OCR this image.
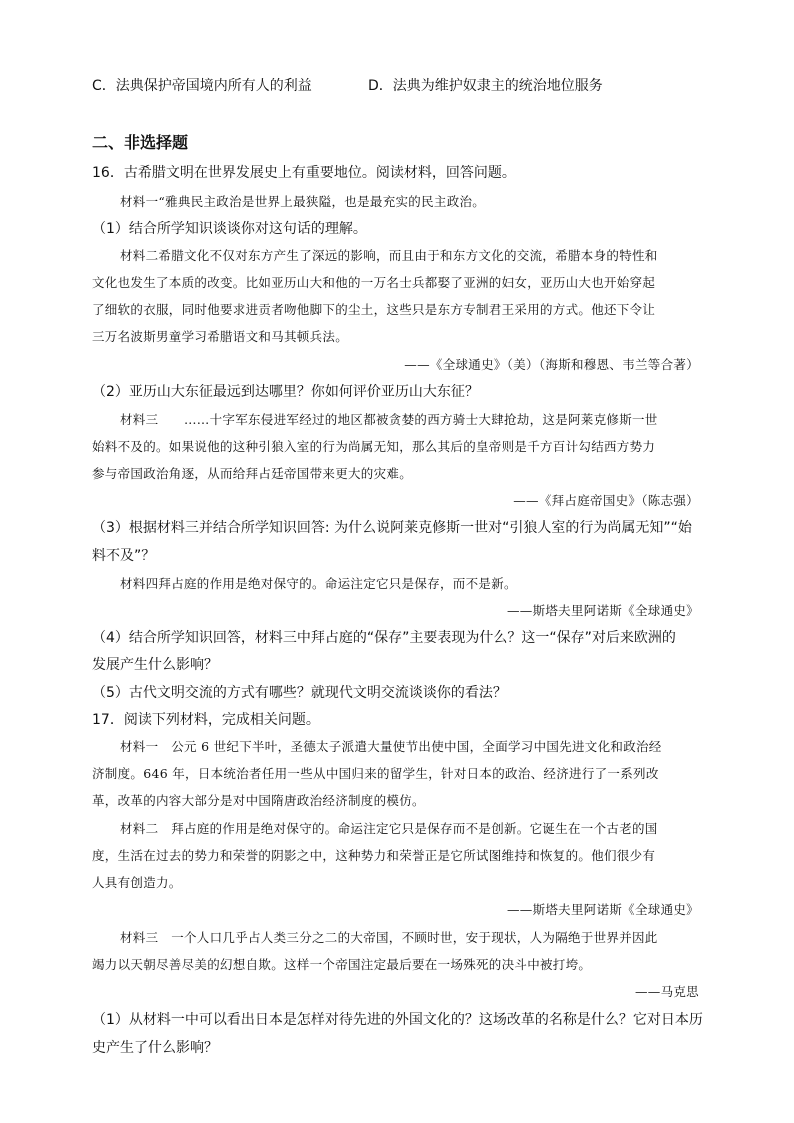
C．法典保护帝国境内所有人的利益	D．法典为维护奴隶主的统治地位服务
二、非选择题
16．古希腊文明在世界发展史上有重要地位。阅读材料，回答问题。
材料一“雅典民主政治是世界上最狭隘，也是最充实的民主政治。
（1）结合所学知识谈谈你对这句话的理解。
材料二希腊文化不仅对东方产生了深远的影响，而且由于和东方文化的交流，希腊本身的特性和
文化也发生了本质的改变。比如亚历山大和他的一万名士兵都娶了亚洲的妇女，亚历山大也开始穿起
了细软的衣服，同时他要求进贡者吻他脚下的尘土，这些只是东方专制君王采用的方式。他还下令让
三万名波斯男童学习希腊语文和马其顿兵法。
——《全球通史》（美）（海斯和穆恩、韦兰等合著）
（2）亚历山大东征最远到达哪里？你如何评价亚历山大东征？
材料三　　……十字军东侵进军经过的地区都被贪婪的西方骑士大肆抢劫，这是阿莱克修斯一世
始料不及的。如果说他的这种引狼入室的行为尚属无知，那么其后的皇帝则是千方百计勾结西方势力
参与帝国政治角逐，从而给拜占廷帝国带来更大的灾难。
——《拜占庭帝国史》（陈志强）
（3）根据材料三并结合所学知识回答: 为什么说阿莱克修斯一世对“引狼人室的行为尚属无知”“始
料不及”？
材料四拜占庭的作用是绝对保守的。命运注定它只是保存，而不是新。
——斯塔夫里阿诺斯《全球通史》
（4）结合所学知识回答，材料三中拜占庭的“保存”主要表现为什么？这一“保存”对后来欧洲的
发展产生什么影响？
（5）古代文明交流的方式有哪些？就现代文明交流谈谈你的看法？
17．阅读下列材料，完成相关问题。
材料一　公元 6 世纪下半叶，圣德太子派遣大量使节出使中国，全面学习中国先进文化和政治经
济制度。646 年，日本统治者任用一些从中国归来的留学生，针对日本的政治、经济进行了一系列改
革，改革的内容大部分是对中国隋唐政治经济制度的模仿。
材料二　拜占庭的作用是绝对保守的。命运注定它只是保存而不是创新。它诞生在一个古老的国
度，生活在过去的势力和荣誉的阴影之中，这种势力和荣誉正是它所试图维持和恢复的。他们很少有
人具有创造力。
——斯塔夫里阿诺斯《全球通史》
材料三　一个人口几乎占人类三分之二的大帝国，不顾时世，安于现状，人为隔绝于世界并因此
竭力以天朝尽善尽美的幻想自欺。这样一个帝国注定最后要在一场殊死的决斗中被打垮。
——马克思
（1）从材料一中可以看出日本是怎样对待先进的外国文化的？这场改革的名称是什么？它对日本历
史产生了什么影响？
